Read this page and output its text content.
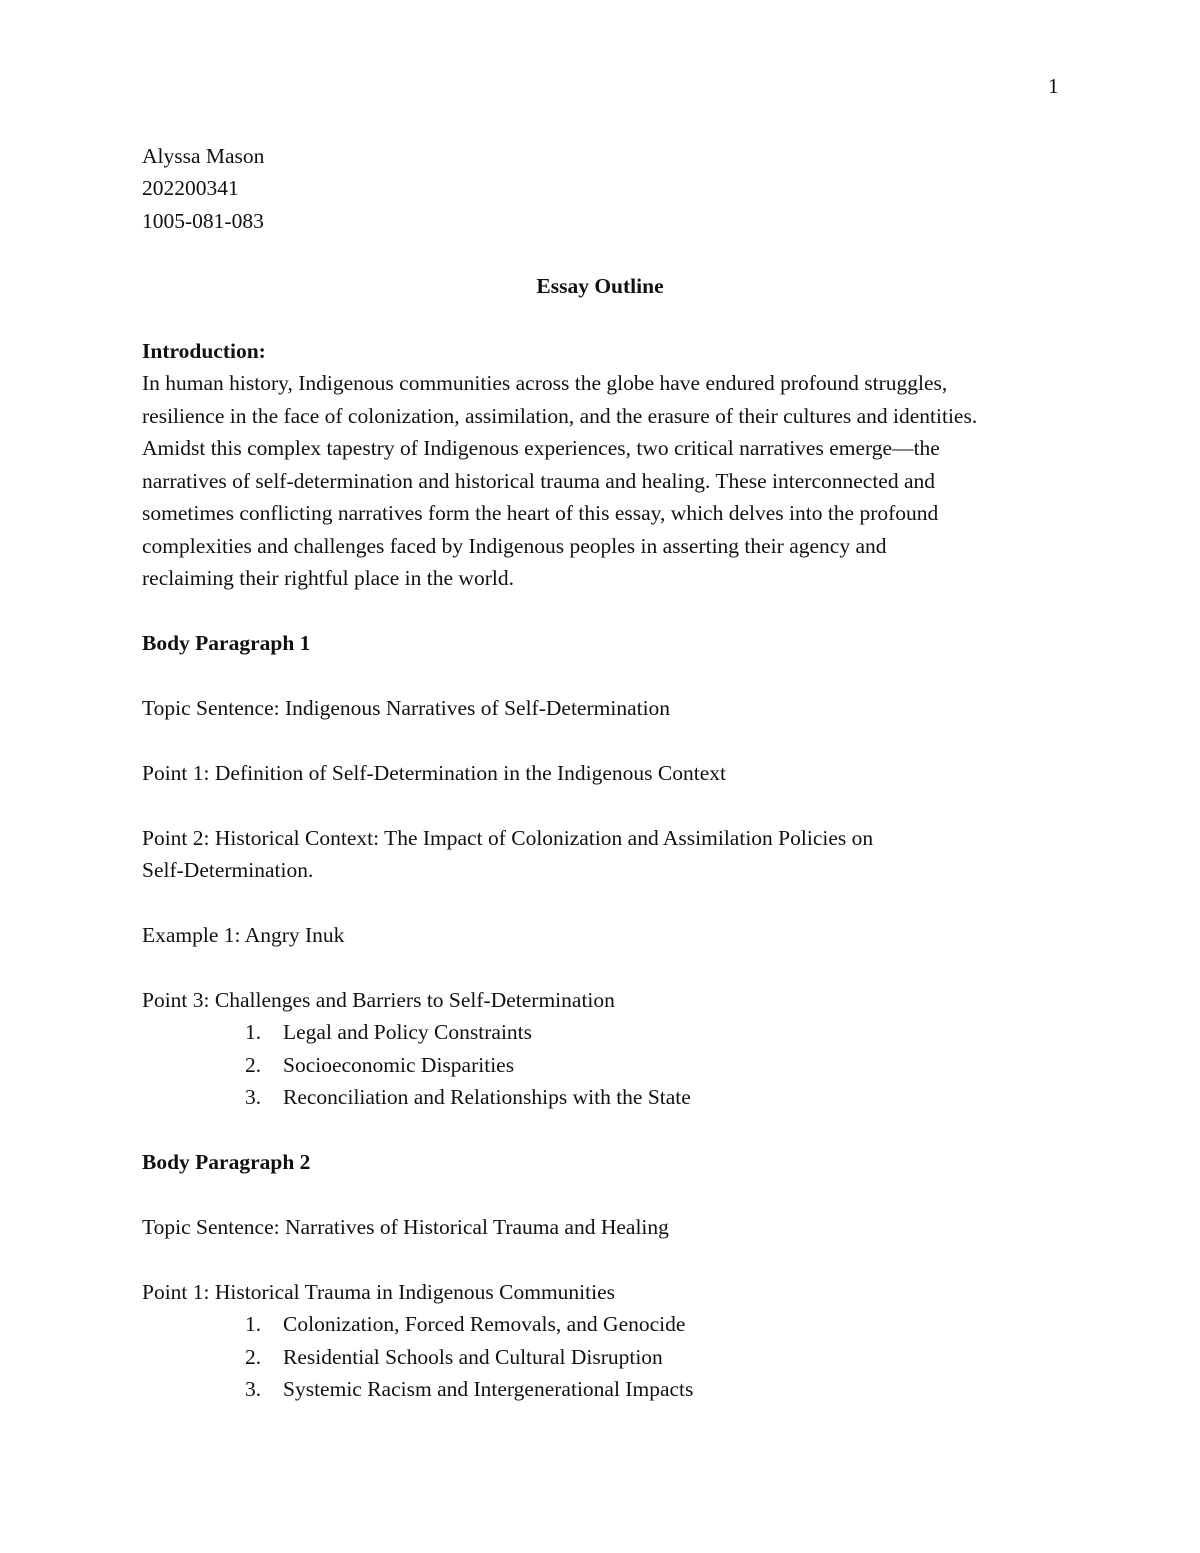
1
Alyssa Mason
202200341
1005-081-083
Essay Outline
Introduction:
In human history, Indigenous communities across the globe have endured profound struggles,
resilience in the face of colonization, assimilation, and the erasure of their cultures and identities.
Amidst this complex tapestry of Indigenous experiences, two critical narratives emerge—the
narratives of self-determination and historical trauma and healing. These interconnected and
sometimes conflicting narratives form the heart of this essay, which delves into the profound
complexities and challenges faced by Indigenous peoples in asserting their agency and
reclaiming their rightful place in the world.
Body Paragraph 1
Topic Sentence: Indigenous Narratives of Self-Determination
Point 1: Definition of Self-Determination in the Indigenous Context
Point 2: Historical Context: The Impact of Colonization and Assimilation Policies on
Self-Determination.
Example 1: Angry Inuk
Point 3: Challenges and Barriers to Self-Determination
1. Legal and Policy Constraints
2. Socioeconomic Disparities
3. Reconciliation and Relationships with the State
Body Paragraph 2
Topic Sentence: Narratives of Historical Trauma and Healing
Point 1: Historical Trauma in Indigenous Communities
1. Colonization, Forced Removals, and Genocide
2. Residential Schools and Cultural Disruption
3. Systemic Racism and Intergenerational Impacts
